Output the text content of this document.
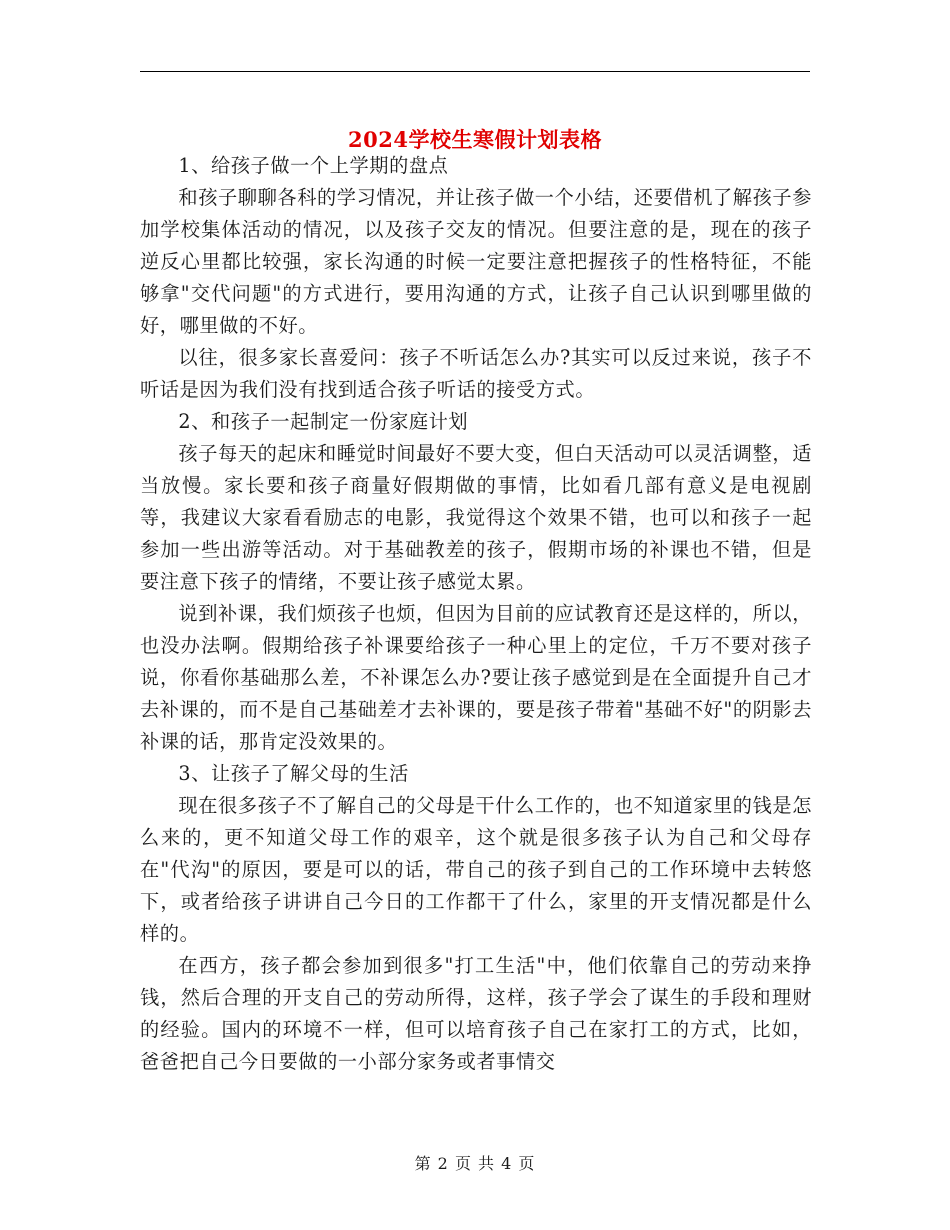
2024学校生寒假计划表格

1、给孩子做一个上学期的盘点

和孩子聊聊各科的学习情况，并让孩子做一个小结，还要借机了解孩子参加学校集体活动的情况，以及孩子交友的情况。但要注意的是，现在的孩子逆反心里都比较强，家长沟通的时候一定要注意把握孩子的性格特征，不能够拿"交代问题"的方式进行，要用沟通的方式，让孩子自己认识到哪里做的好，哪里做的不好。

以往，很多家长喜爱问：孩子不听话怎么办?其实可以反过来说，孩子不听话是因为我们没有找到适合孩子听话的接受方式。

2、和孩子一起制定一份家庭计划

孩子每天的起床和睡觉时间最好不要大变，但白天活动可以灵活调整，适当放慢。家长要和孩子商量好假期做的事情，比如看几部有意义是电视剧等，我建议大家看看励志的电影，我觉得这个效果不错，也可以和孩子一起参加一些出游等活动。对于基础教差的孩子，假期市场的补课也不错，但是要注意下孩子的情绪，不要让孩子感觉太累。

说到补课，我们烦孩子也烦，但因为目前的应试教育还是这样的，所以，也没办法啊。假期给孩子补课要给孩子一种心里上的定位，千万不要对孩子说，你看你基础那么差，不补课怎么办?要让孩子感觉到是在全面提升自己才去补课的，而不是自己基础差才去补课的，要是孩子带着"基础不好"的阴影去补课的话，那肯定没效果的。

3、让孩子了解父母的生活

现在很多孩子不了解自己的父母是干什么工作的，也不知道家里的钱是怎么来的，更不知道父母工作的艰辛，这个就是很多孩子认为自己和父母存在"代沟"的原因，要是可以的话，带自己的孩子到自己的工作环境中去转悠下，或者给孩子讲讲自己今日的工作都干了什么，家里的开支情况都是什么样的。

在西方，孩子都会参加到很多"打工生活"中，他们依靠自己的劳动来挣钱，然后合理的开支自己的劳动所得，这样，孩子学会了谋生的手段和理财的经验。国内的环境不一样，但可以培育孩子自己在家打工的方式，比如，爸爸把自己今日要做的一小部分家务或者事情交

第 2 页 共 4 页
